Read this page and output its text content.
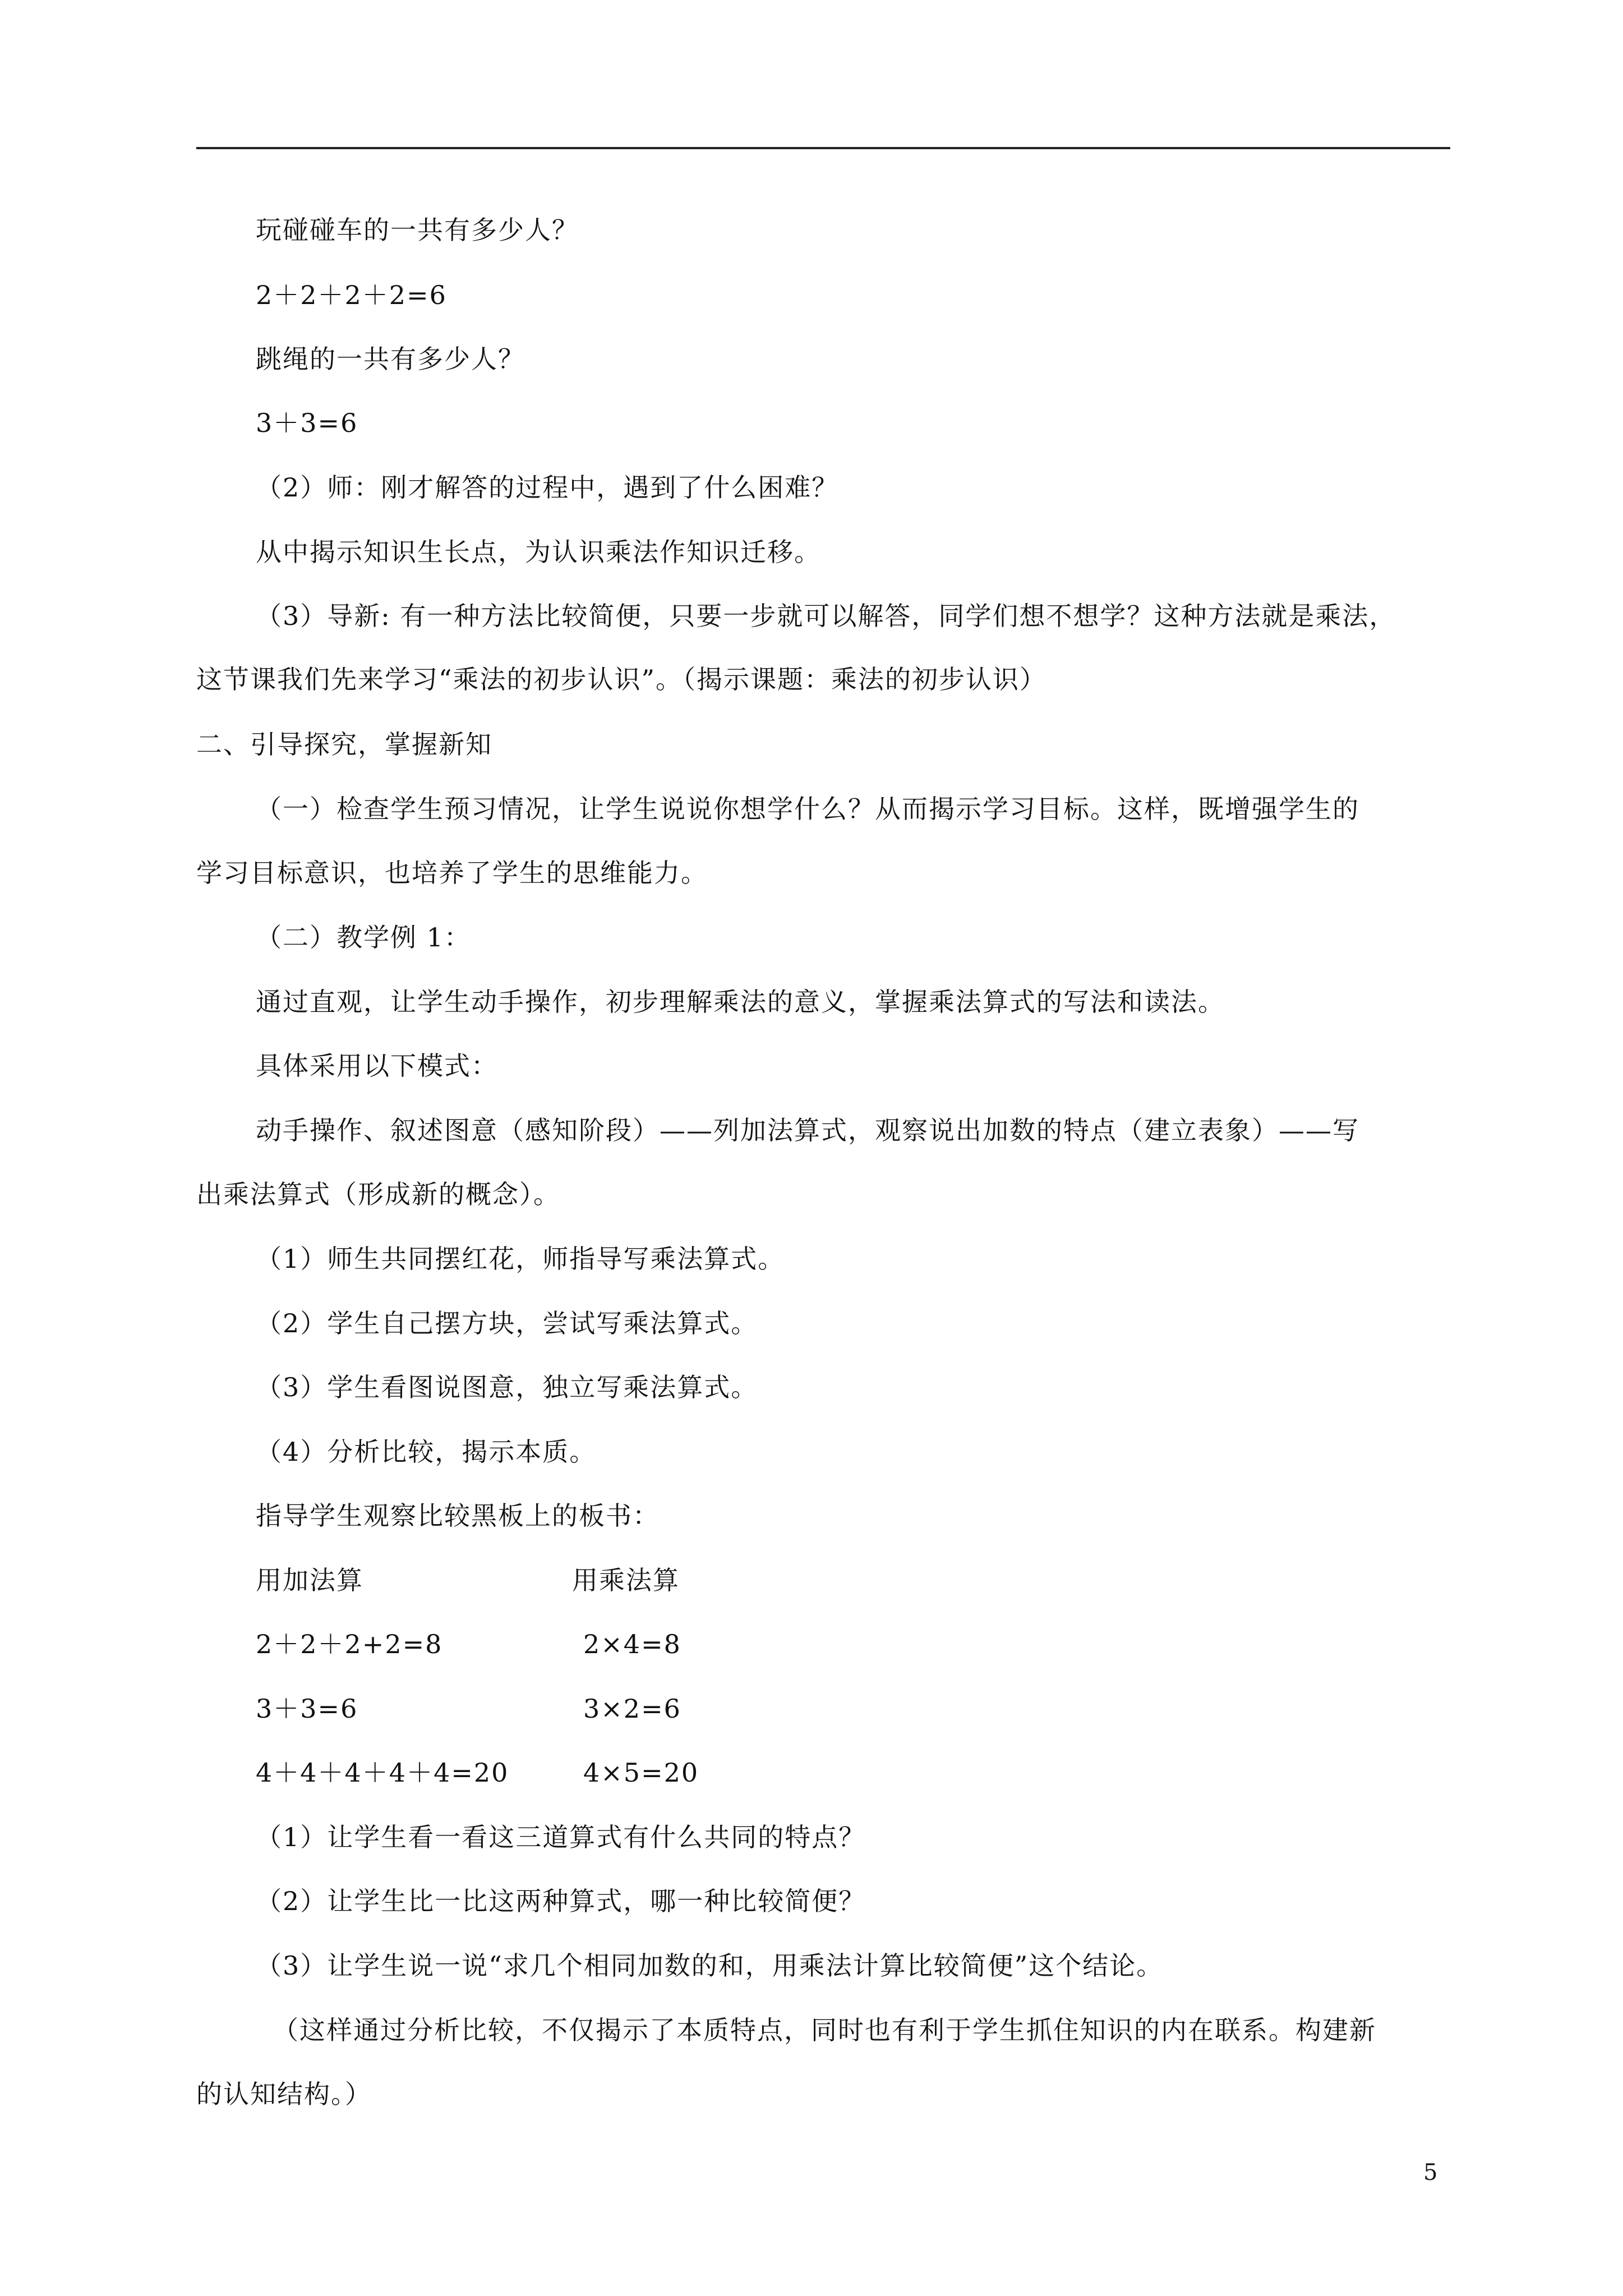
玩碰碰车的一共有多少人？
2＋2＋2＋2=6
跳绳的一共有多少人？
3＋3=6
（2）师：刚才解答的过程中，遇到了什么困难？
从中揭示知识生长点，为认识乘法作知识迁移。
（3）导新: 有一种方法比较简便，只要一步就可以解答，同学们想不想学？这种方法就是乘法，
这节课我们先来学习“乘法的初步认识”。（揭示课题：乘法的初步认识）
二、引导探究，掌握新知
（一）检查学生预习情况，让学生说说你想学什么？从而揭示学习目标。这样，既增强学生的
学习目标意识，也培养了学生的思维能力。
（二）教学例 1：
通过直观，让学生动手操作，初步理解乘法的意义，掌握乘法算式的写法和读法。
具体采用以下模式：
动手操作、叙述图意（感知阶段）——列加法算式，观察说出加数的特点（建立表象）——写
出乘法算式（形成新的概念）。
（1）师生共同摆红花，师指导写乘法算式。
（2）学生自己摆方块，尝试写乘法算式。
（3）学生看图说图意，独立写乘法算式。
（4）分析比较，揭示本质。
指导学生观察比较黑板上的板书：
用加法算	用乘法算
2＋2＋2+2=8	2×4=8
3＋3=6	3×2=6
4＋4＋4＋4＋4=20	4×5=20
（1）让学生看一看这三道算式有什么共同的特点？
（2）让学生比一比这两种算式，哪一种比较简便？
（3）让学生说一说“求几个相同加数的和，用乘法计算比较简便”这个结论。
（这样通过分析比较，不仅揭示了本质特点，同时也有利于学生抓住知识的内在联系。构建新
的认知结构。）
5
